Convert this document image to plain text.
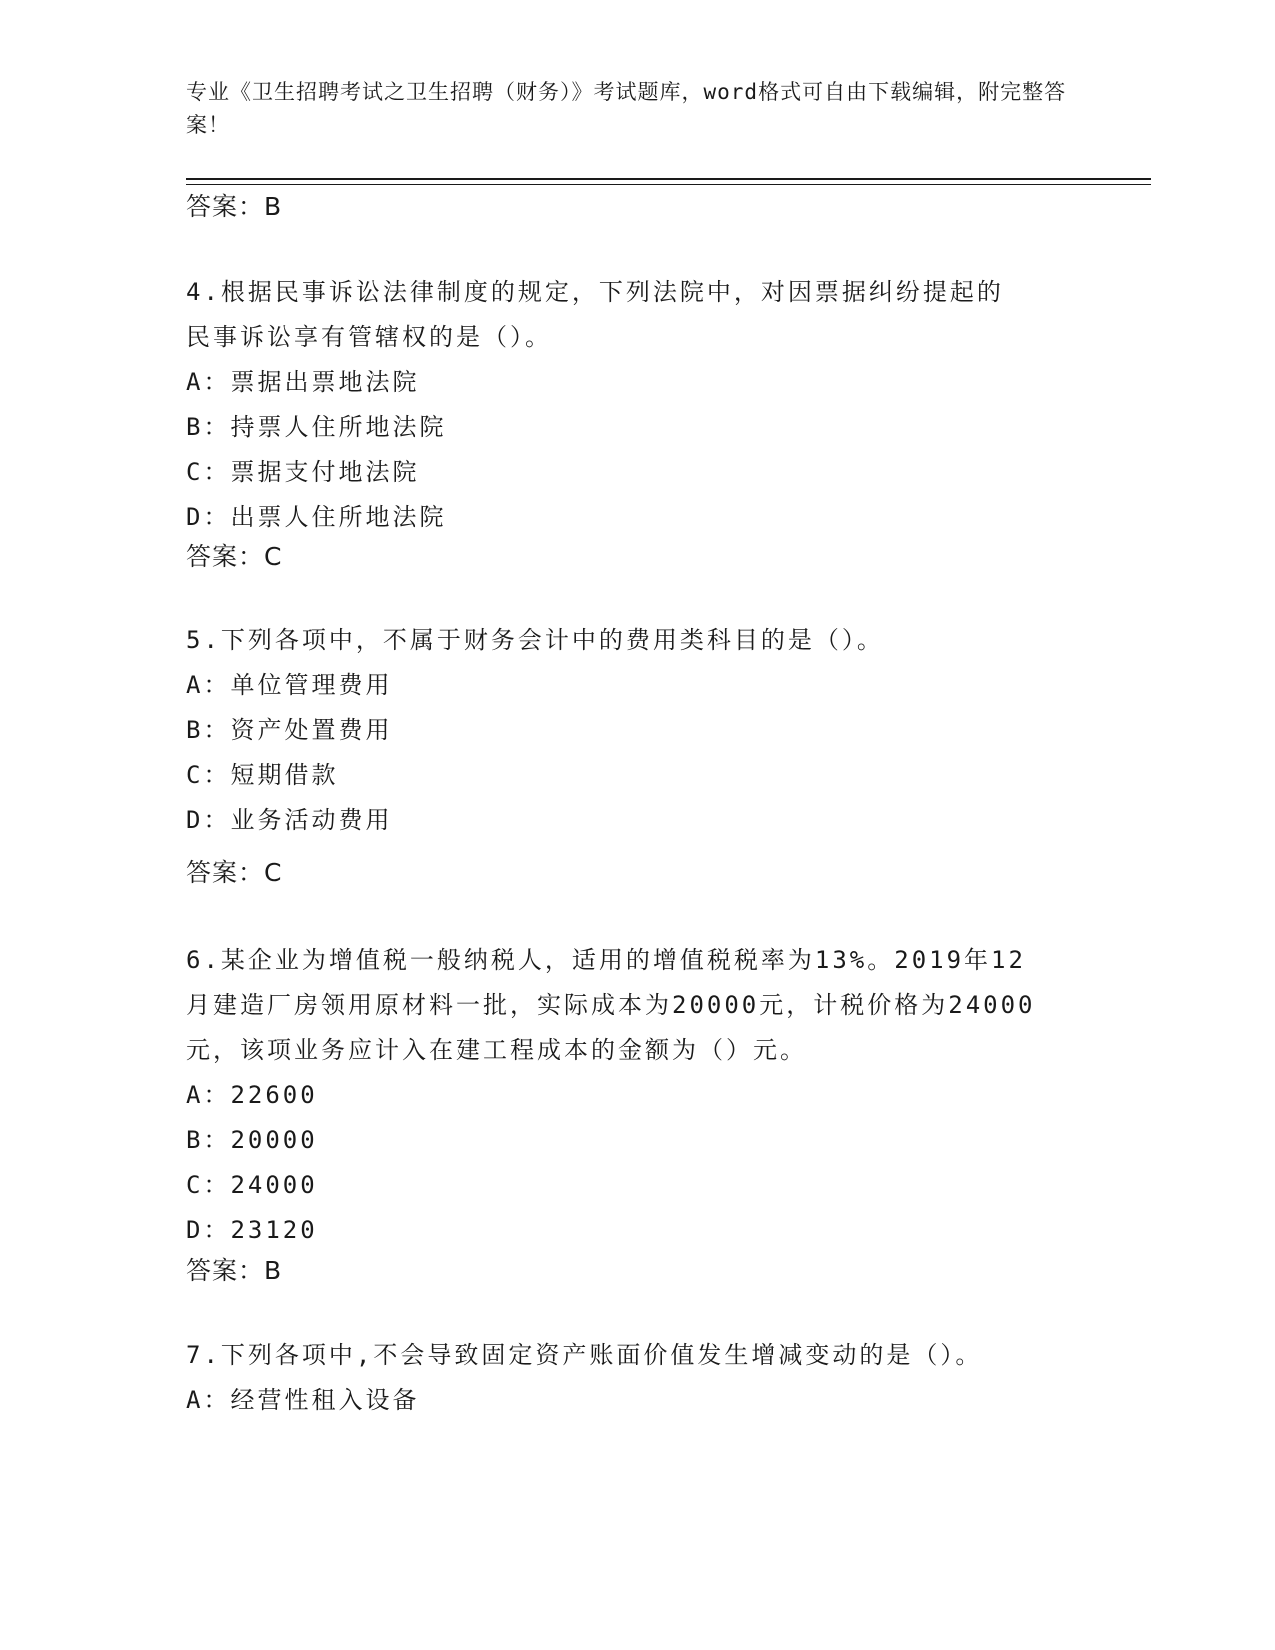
专业《卫生招聘考试之卫生招聘（财务）》考试题库，word格式可自由下载编辑，附完整答案！
答案：B
4.根据民事诉讼法律制度的规定，下列法院中，对因票据纠纷提起的
民事诉讼享有管辖权的是（）。
A：票据出票地法院
B：持票人住所地法院
C：票据支付地法院
D：出票人住所地法院
答案：C
5.下列各项中，不属于财务会计中的费用类科目的是（）。
A：单位管理费用
B：资产处置费用
C：短期借款
D：业务活动费用
答案：C
6.某企业为增值税一般纳税人，适用的增值税税率为13%。2019年12
月建造厂房领用原材料一批，实际成本为20000元，计税价格为24000
元，该项业务应计入在建工程成本的金额为（）元。
A：22600
B：20000
C：24000
D：23120
答案：B
7.下列各项中,不会导致固定资产账面价值发生增减变动的是（）。
A：经营性租入设备
